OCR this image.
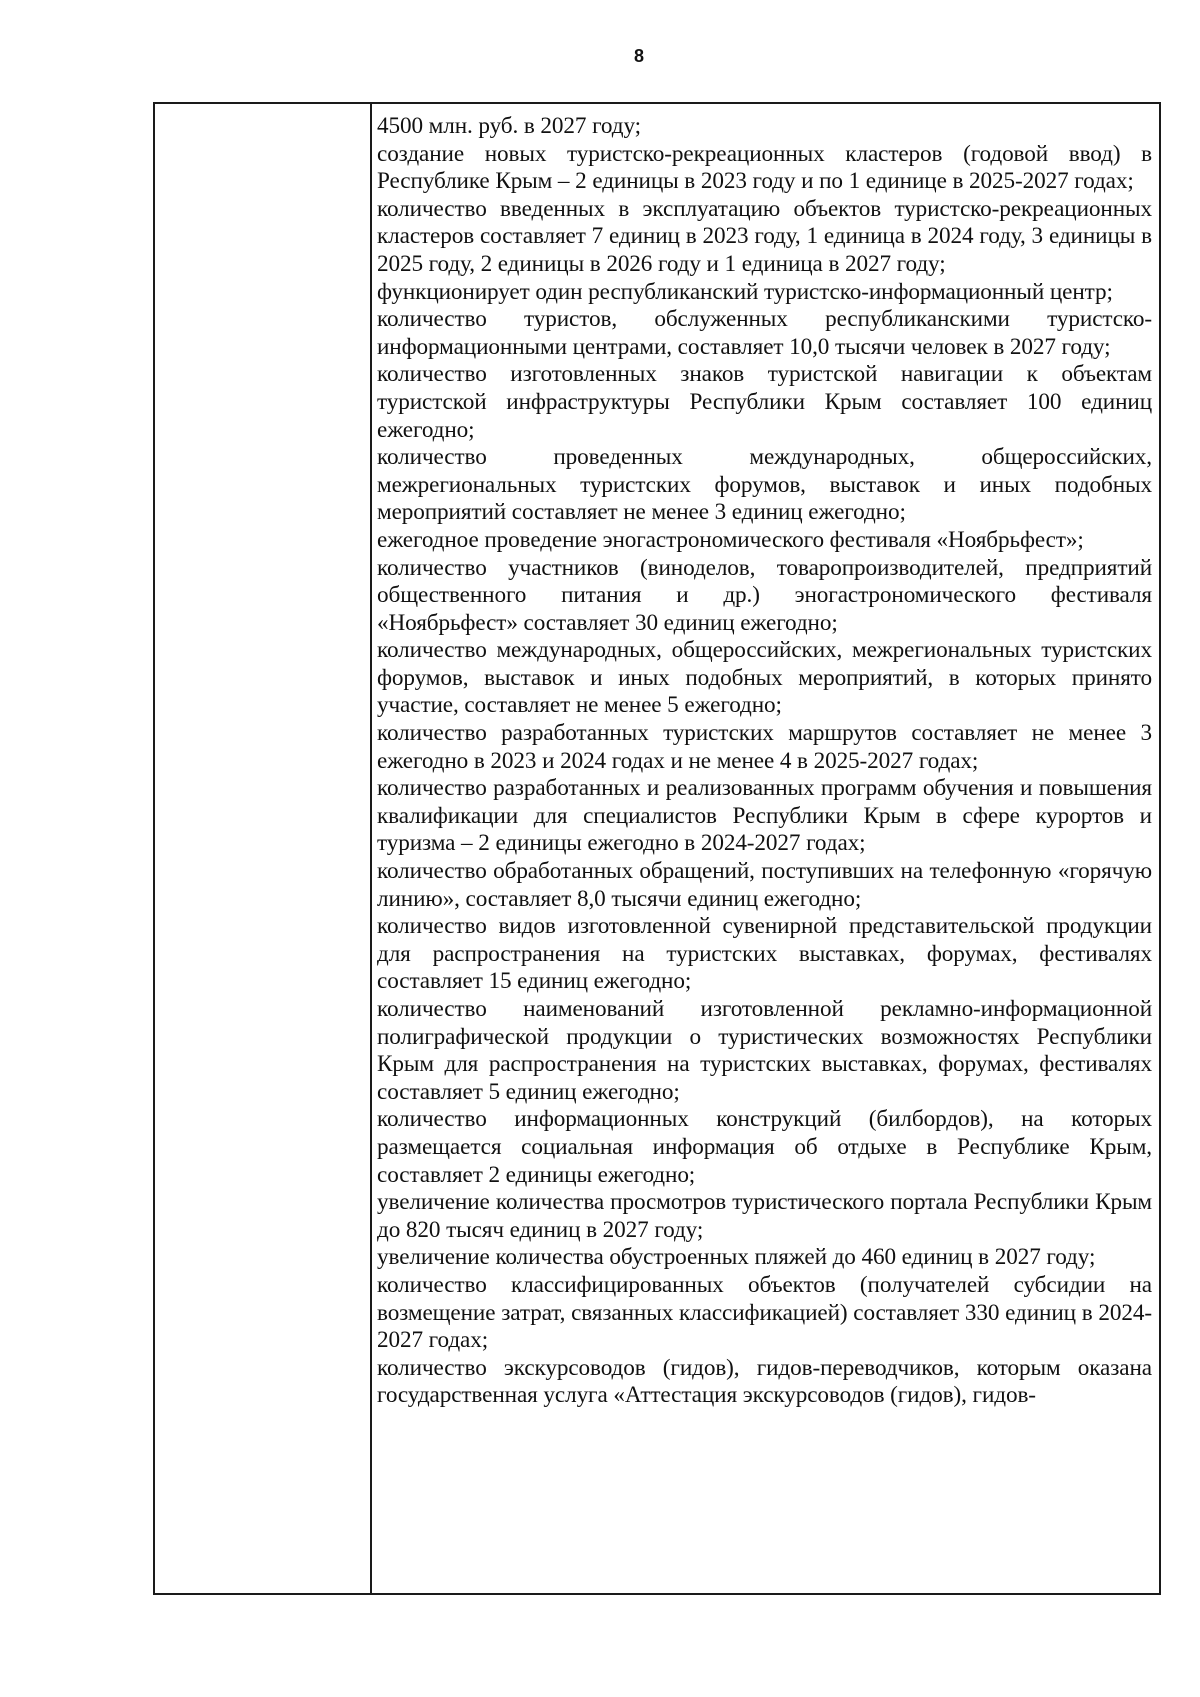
8

4500 млн. руб. в 2027 году;

создание новых туристско-рекреационных кластеров (годовой ввод) в Республике Крым – 2 единицы в 2023 году и по 1 единице в 2025-2027 годах;

количество введенных в эксплуатацию объектов туристско-рекреационных кластеров составляет 7 единиц в 2023 году, 1 единица в 2024 году, 3 единицы в 2025 году, 2 единицы в 2026 году и 1 единица в 2027 году;

функционирует один республиканский туристско-информационный центр;

количество туристов, обслуженных республиканскими туристско-информационными центрами, составляет 10,0 тысячи человек в 2027 году;

количество изготовленных знаков туристской навигации к объектам туристской инфраструктуры Республики Крым составляет 100 единиц ежегодно;

количество проведенных международных, общероссийских, межрегиональных туристских форумов, выставок и иных подобных мероприятий составляет не менее 3 единиц ежегодно;

ежегодное проведение эногастрономического фестиваля «Ноябрьфест»;

количество участников (виноделов, товаропроизводителей, предприятий общественного питания и др.) эногастрономического фестиваля «Ноябрьфест» составляет 30 единиц ежегодно;

количество международных, общероссийских, межрегиональных туристских форумов, выставок и иных подобных мероприятий, в которых принято участие, составляет не менее 5 ежегодно;

количество разработанных туристских маршрутов составляет не менее 3 ежегодно в 2023 и 2024 годах и не менее 4 в 2025-2027 годах;

количество разработанных и реализованных программ обучения и повышения квалификации для специалистов Республики Крым в сфере курортов и туризма – 2 единицы ежегодно в 2024-2027 годах;

количество обработанных обращений, поступивших на телефонную «горячую линию», составляет 8,0 тысячи единиц ежегодно;

количество видов изготовленной сувенирной представительской продукции для распространения на туристских выставках, форумах, фестивалях составляет 15 единиц ежегодно;

количество наименований изготовленной рекламно-информационной полиграфической продукции о туристических возможностях Республики Крым для распространения на туристских выставках, форумах, фестивалях составляет 5 единиц ежегодно;

количество информационных конструкций (билбордов), на которых размещается социальная информация об отдыхе в Республике Крым, составляет 2 единицы ежегодно;

увеличение количества просмотров туристического портала Республики Крым до 820 тысяч единиц в 2027 году;

увеличение количества обустроенных пляжей до 460 единиц в 2027 году;

количество классифицированных объектов (получателей субсидии на возмещение затрат, связанных классификацией) составляет 330 единиц в 2024-2027 годах;

количество экскурсоводов (гидов), гидов-переводчиков, которым оказана государственная услуга «Аттестация экскурсоводов (гидов), гидов-
